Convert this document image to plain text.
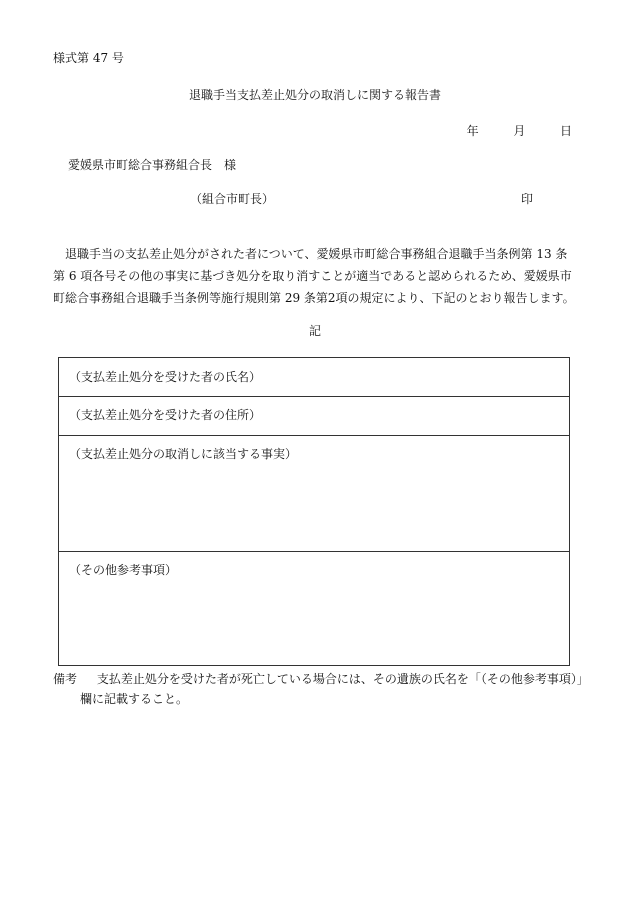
様式第 47 号
退職手当支払差止処分の取消しに関する報告書
年	月	日
愛媛県市町総合事務組合長　様
（組合市町長）	印
退職手当の支払差止処分がされた者について、愛媛県市町総合事務組合退職手当条例第 13 条第 6 項各号その他の事実に基づき処分を取り消すことが適当であると認められるため、愛媛県市町総合事務組合退職手当条例等施行規則第 29 条第2項の規定により、下記のとおり報告します。
記
（支払差止処分を受けた者の氏名）
（支払差止処分を受けた者の住所）
（支払差止処分の取消しに該当する事実）
（その他参考事項）
備考 支払差止処分を受けた者が死亡している場合には、その遺族の氏名を「（その他参考事項）」
欄に記載すること。
